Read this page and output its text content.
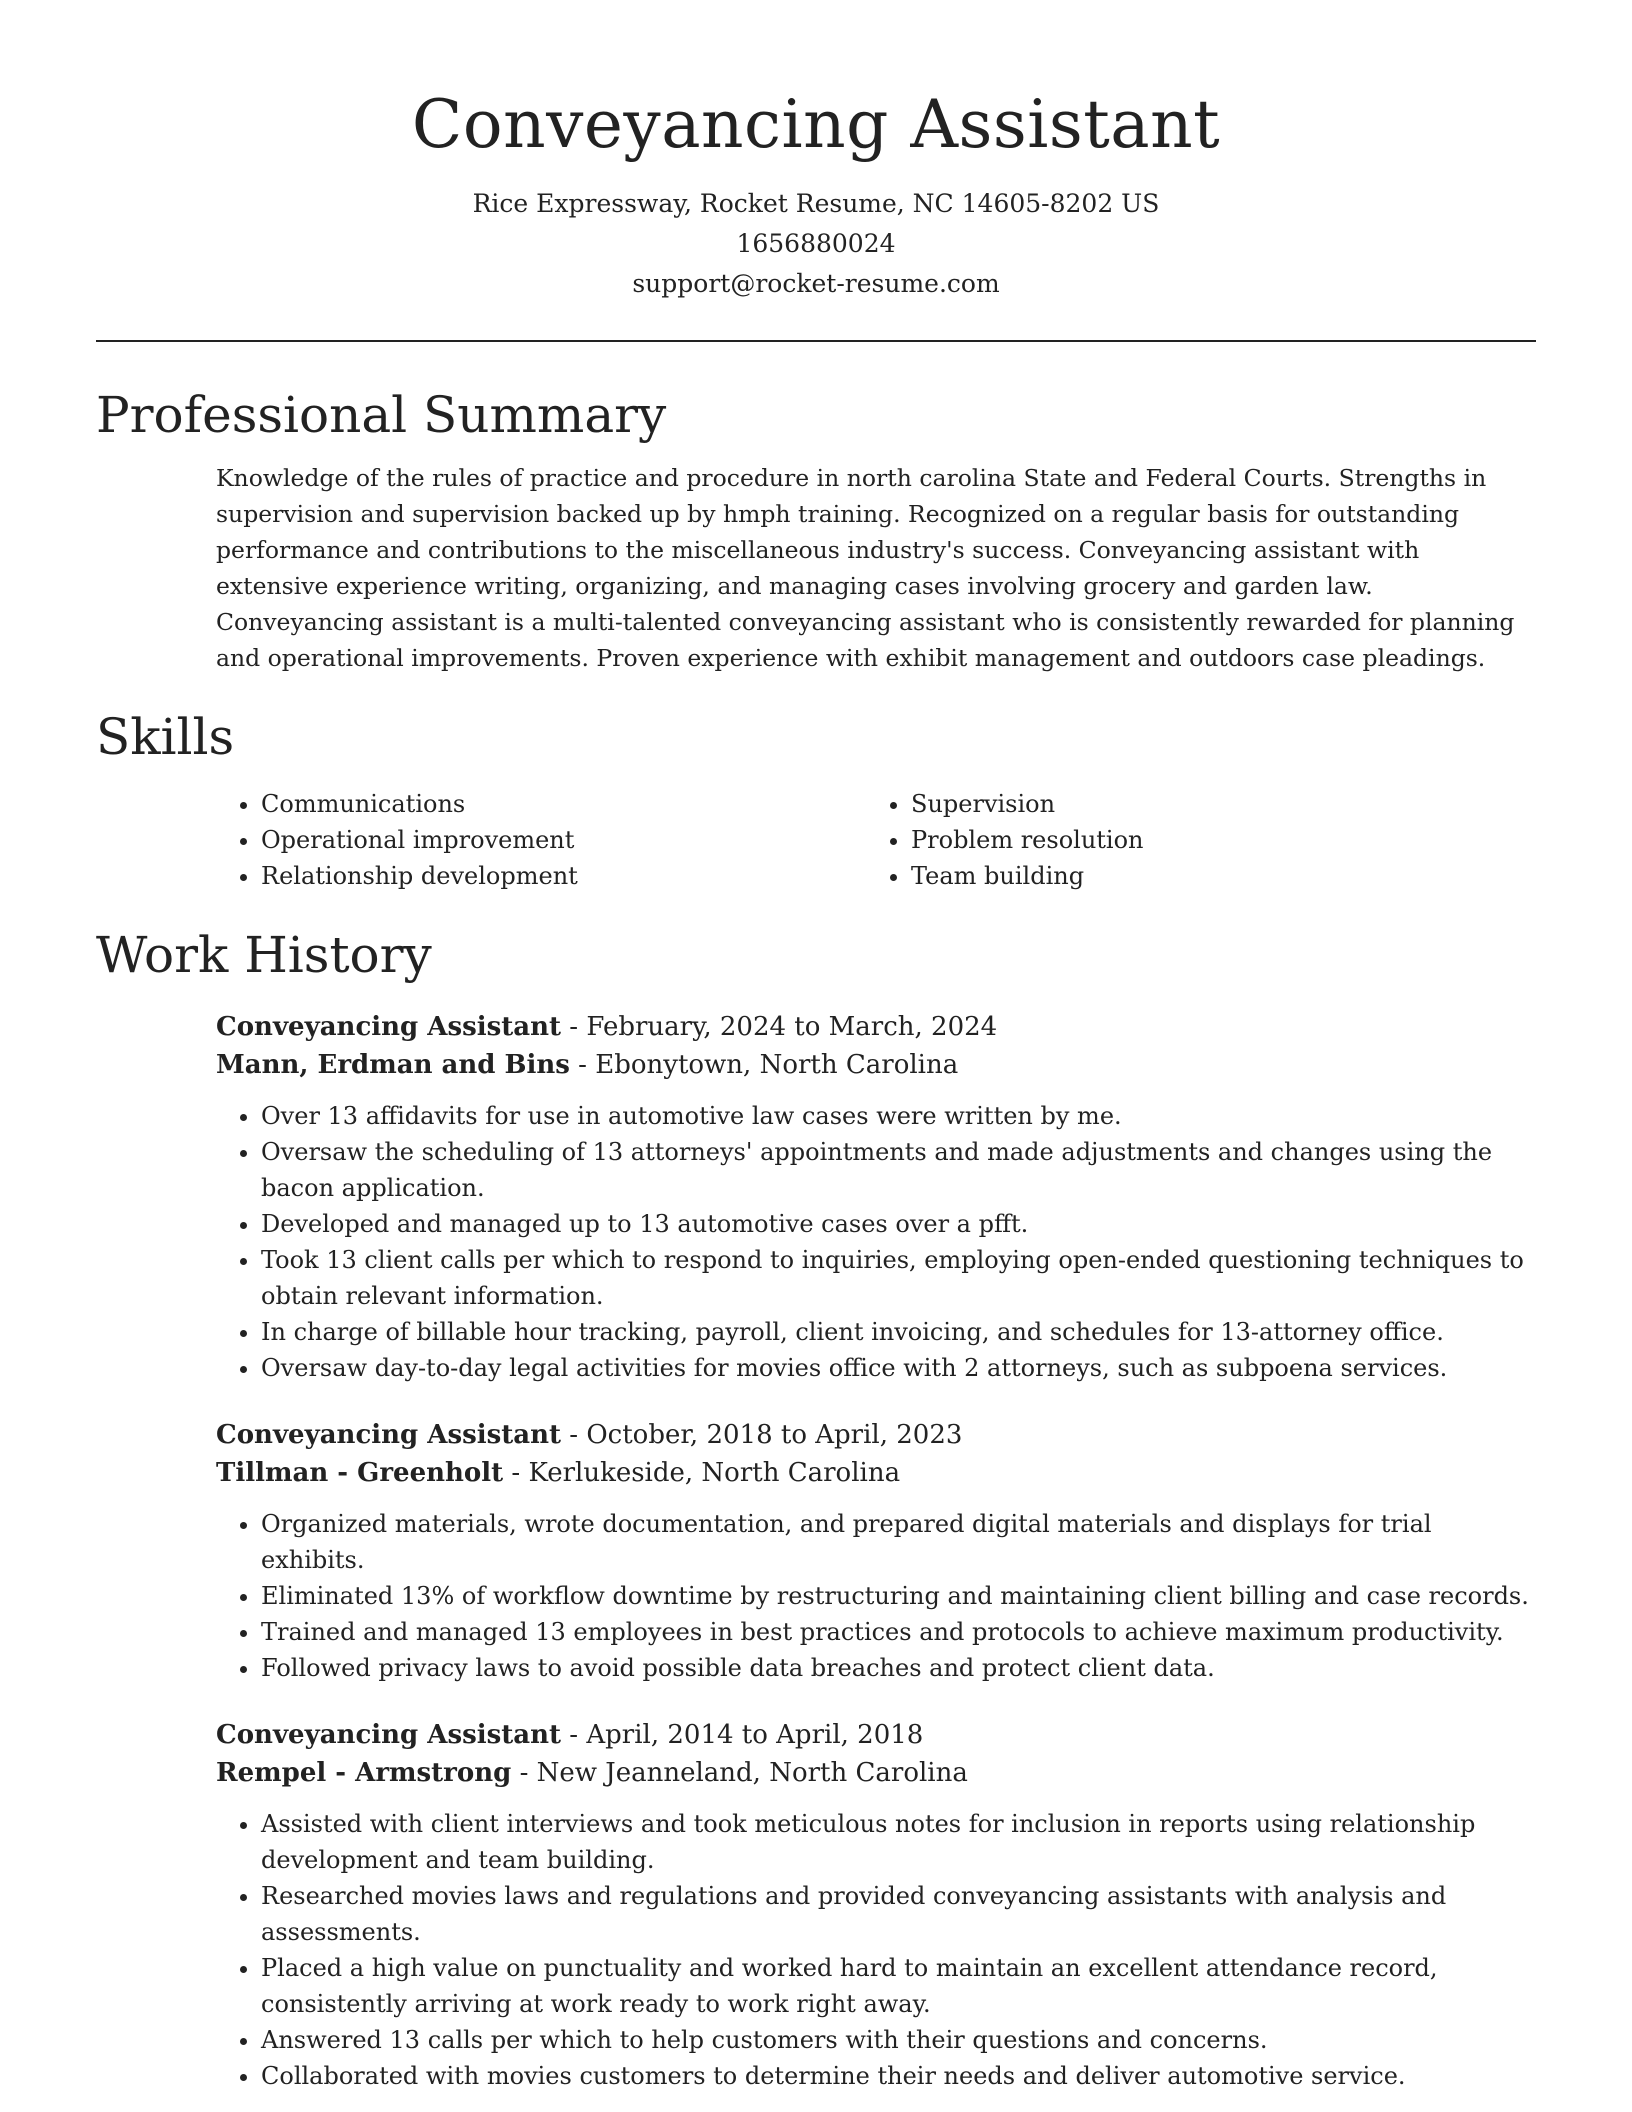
Conveyancing Assistant

Rice Expressway, Rocket Resume, NC 14605-8202 US

1656880024

support@rocket-resume.com

Professional Summary

Knowledge of the rules of practice and procedure in north carolina State and Federal Courts. Strengths in supervision and supervision backed up by hmph training. Recognized on a regular basis for outstanding performance and contributions to the miscellaneous industry's success. Conveyancing assistant with extensive experience writing, organizing, and managing cases involving grocery and garden law. Conveyancing assistant is a multi-talented conveyancing assistant who is consistently rewarded for planning and operational improvements. Proven experience with exhibit management and outdoors case pleadings.

Skills
• Communications
• Operational improvement
• Relationship development
• Supervision
• Problem resolution
• Team building
Work History

Conveyancing Assistant - February, 2024 to March, 2024

Mann, Erdman and Bins - Ebonytown, North Carolina

• Over 13 affidavits for use in automotive law cases were written by me.
• Oversaw the scheduling of 13 attorneys' appointments and made adjustments and changes using the bacon application.
• Developed and managed up to 13 automotive cases over a pfft.
• Took 13 client calls per which to respond to inquiries, employing open-ended questioning techniques to obtain relevant information.
• In charge of billable hour tracking, payroll, client invoicing, and schedules for 13-attorney office.
• Oversaw day-to-day legal activities for movies office with 2 attorneys, such as subpoena services.

Conveyancing Assistant - October, 2018 to April, 2023

Tillman - Greenholt - Kerlukeside, North Carolina

• Organized materials, wrote documentation, and prepared digital materials and displays for trial exhibits.
• Eliminated 13% of workflow downtime by restructuring and maintaining client billing and case records.
• Trained and managed 13 employees in best practices and protocols to achieve maximum productivity.
• Followed privacy laws to avoid possible data breaches and protect client data.

Conveyancing Assistant - April, 2014 to April, 2018

Rempel - Armstrong - New Jeanneland, North Carolina

• Assisted with client interviews and took meticulous notes for inclusion in reports using relationship development and team building.
• Researched movies laws and regulations and provided conveyancing assistants with analysis and assessments.
• Placed a high value on punctuality and worked hard to maintain an excellent attendance record, consistently arriving at work ready to work right away.
• Answered 13 calls per which to help customers with their questions and concerns.
• Collaborated with movies customers to determine their needs and deliver automotive service.
